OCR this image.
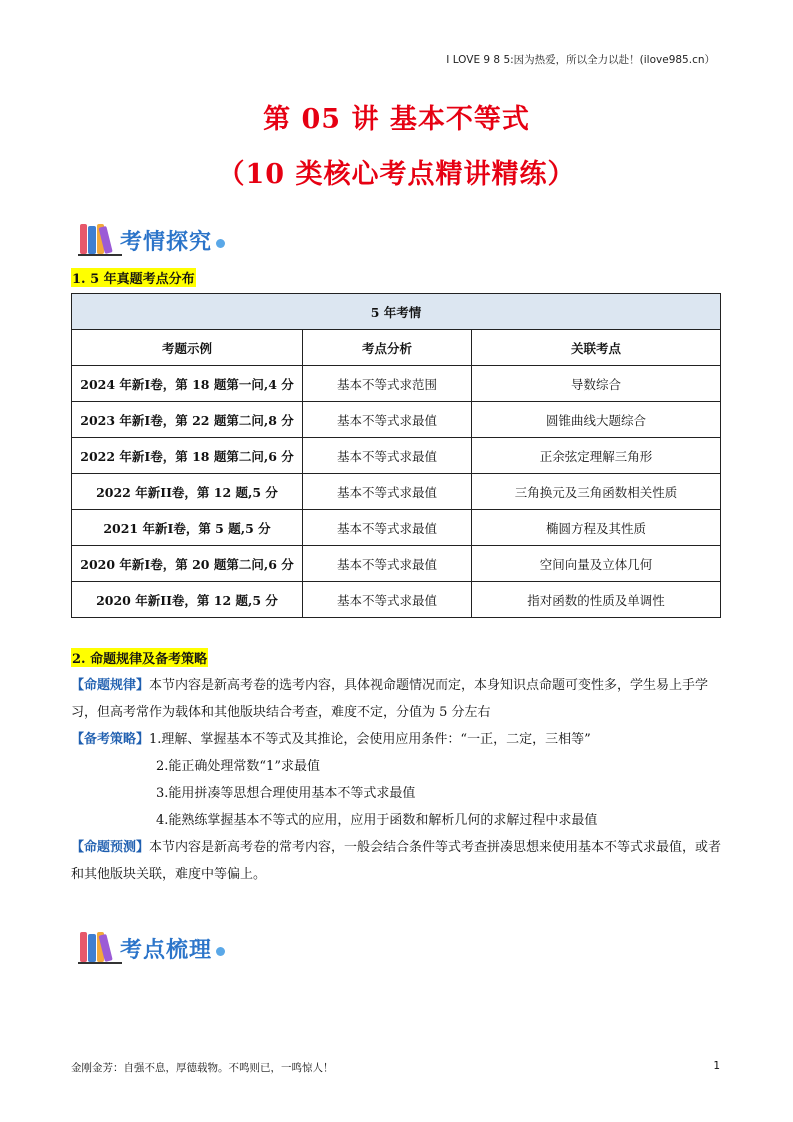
I LOVE 9 8 5:因为热爱，所以全力以赴！(ilove985.cn）
第 05 讲 基本不等式
（10 类核心考点精讲精练）
考情探究
1. 5 年真题考点分布
5 年考情		
考题示例	考点分析	关联考点
2024 年新I卷，第 18 题第一问,4 分	基本不等式求范围	导数综合
2023 年新I卷，第 22 题第二问,8 分	基本不等式求最值	圆锥曲线大题综合
2022 年新I卷，第 18 题第二问,6 分	基本不等式求最值	正余弦定理解三角形
2022 年新II卷，第 12 题,5 分	基本不等式求最值	三角换元及三角函数相关性质
2021 年新I卷，第 5 题,5 分	基本不等式求最值	椭圆方程及其性质
2020 年新I卷，第 20 题第二问,6 分	基本不等式求最值	空间向量及立体几何
2020 年新II卷，第 12 题,5 分	基本不等式求最值	指对函数的性质及单调性
2. 命题规律及备考策略
【命题规律】本节内容是新高考卷的选考内容，具体视命题情况而定，本身知识点命题可变性多，学生易上手学习，但高考常作为载体和其他版块结合考查，难度不定，分值为 5 分左右
【备考策略】1.理解、掌握基本不等式及其推论，会使用应用条件：“一正，二定，三相等”
2.能正确处理常数“1”求最值
3.能用拼凑等思想合理使用基本不等式求最值
4.能熟练掌握基本不等式的应用，应用于函数和解析几何的求解过程中求最值
【命题预测】本节内容是新高考卷的常考内容，一般会结合条件等式考查拼凑思想来使用基本不等式求最值，或者和其他版块关联，难度中等偏上。
考点梳理
金刚金芳：自强不息，厚德载物。不鸣则已，一鸣惊人！	1
